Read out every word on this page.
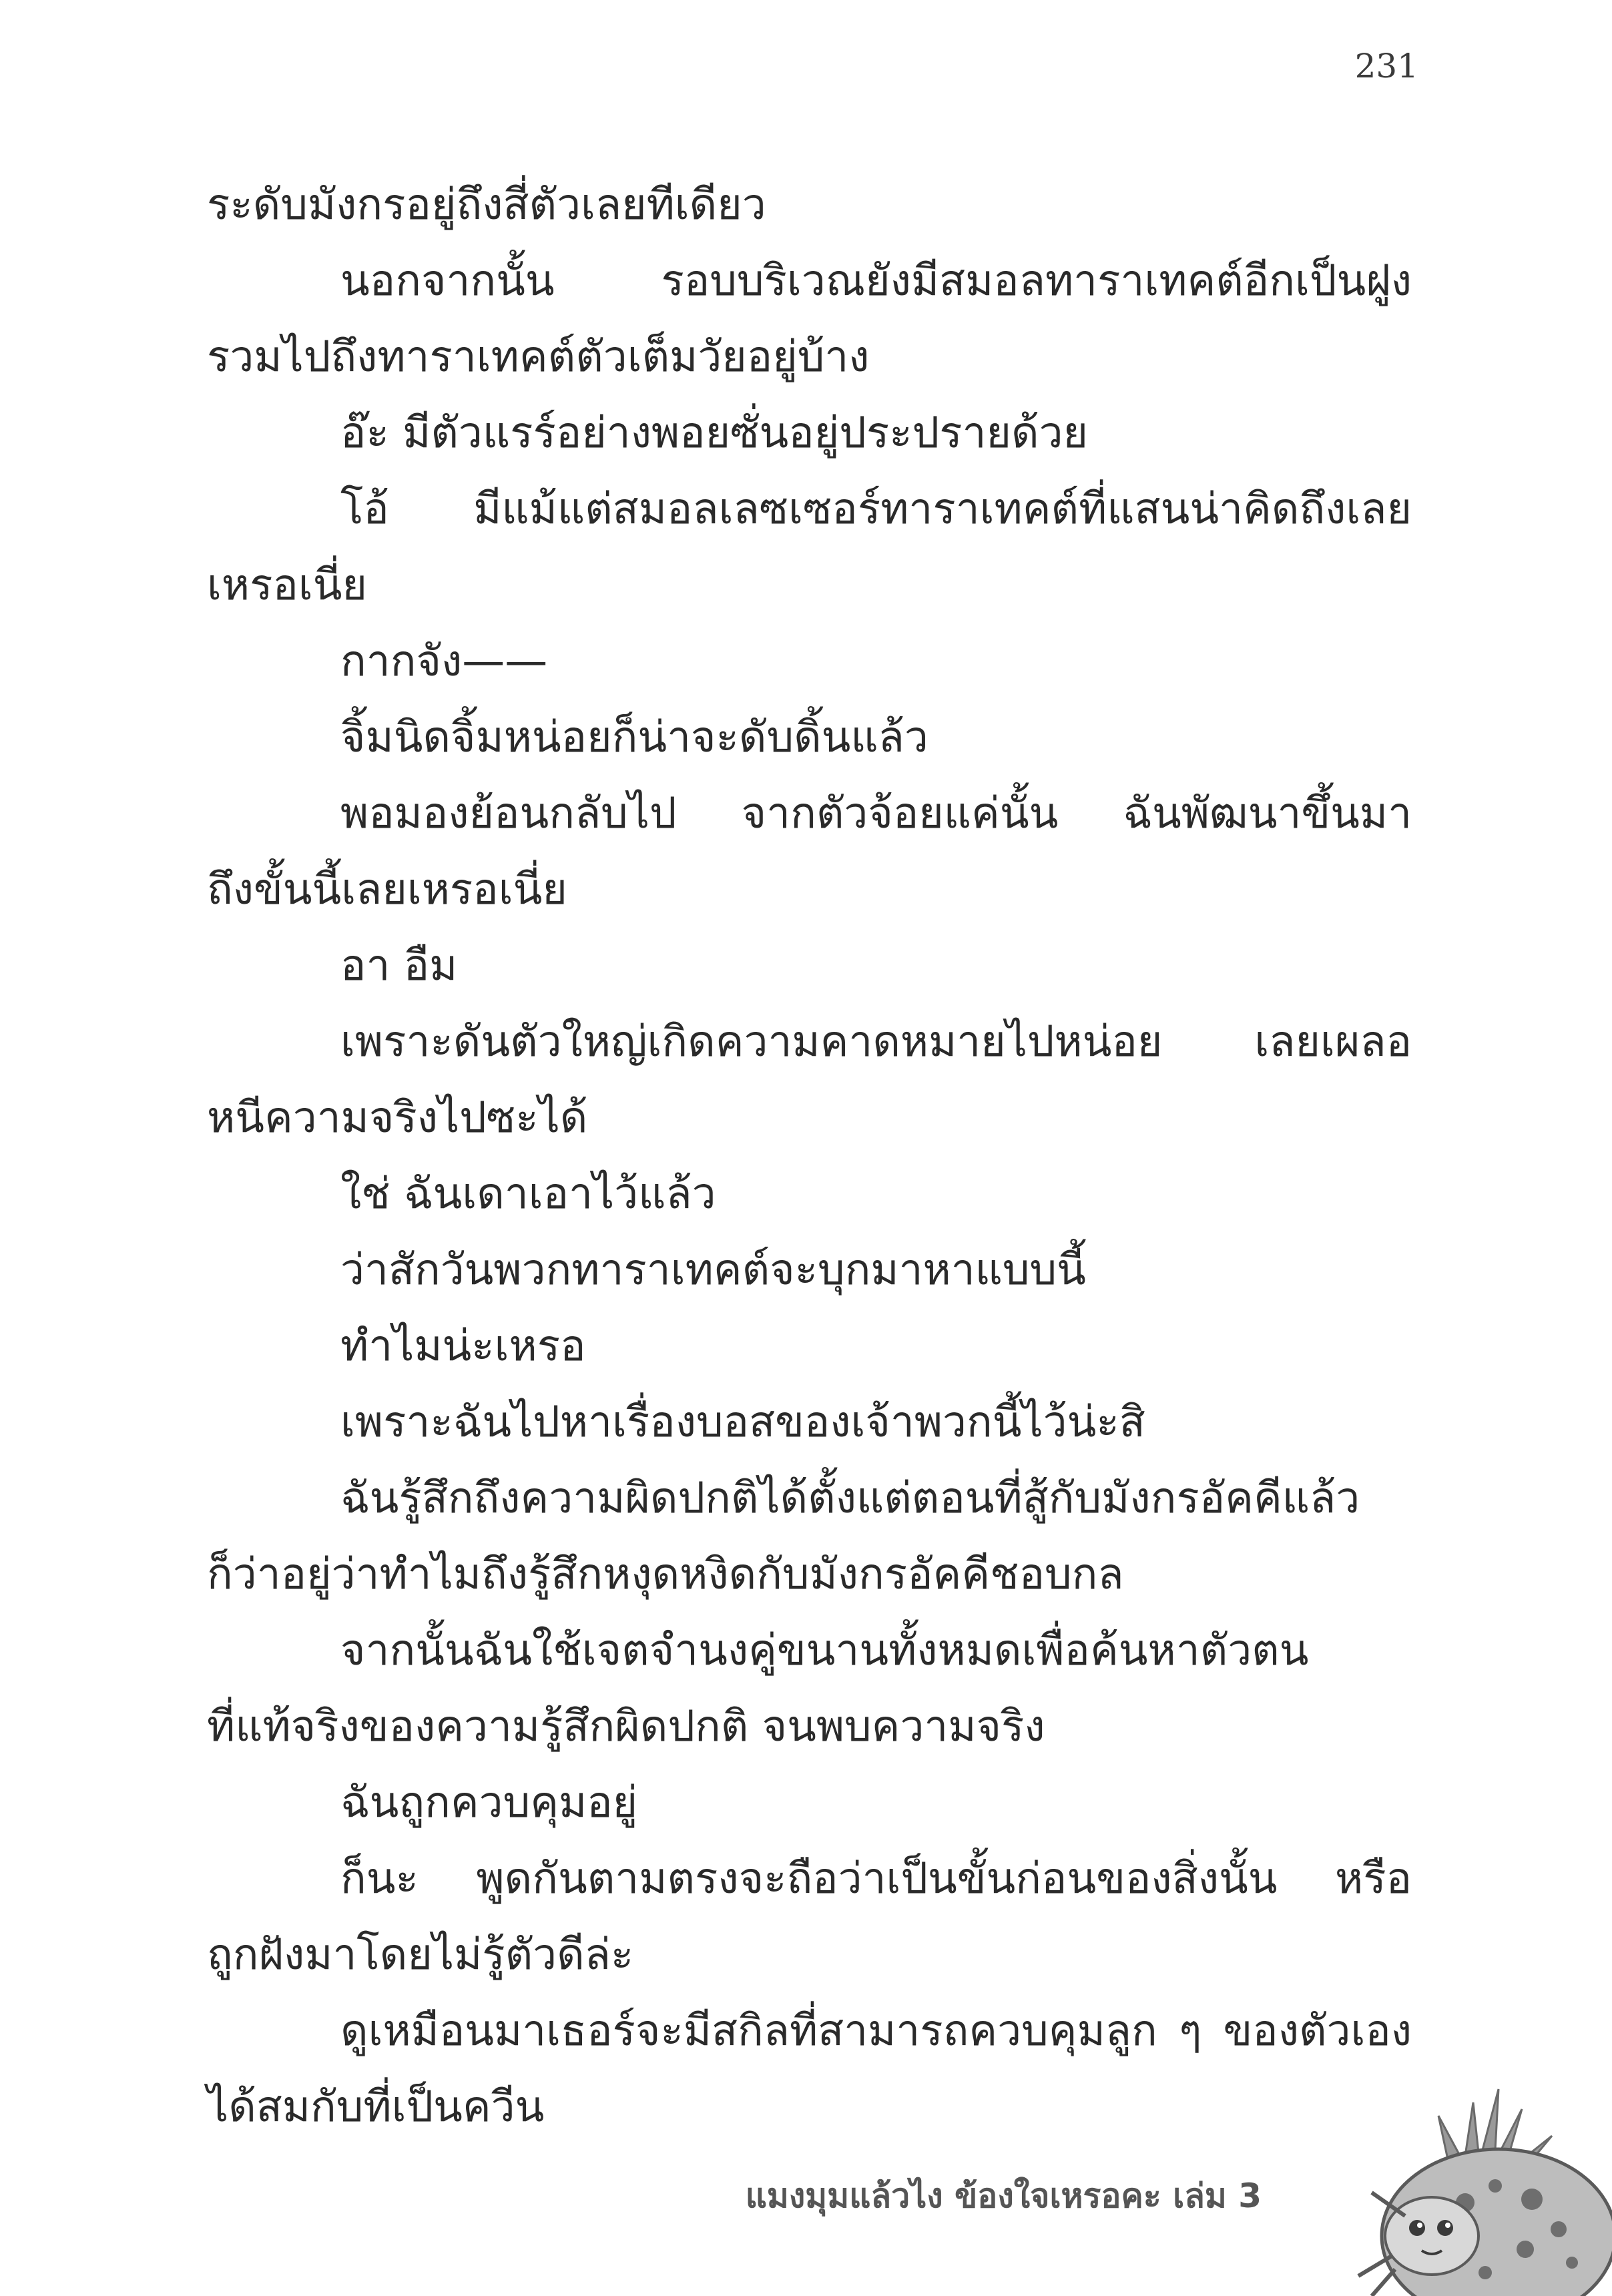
231
ระดับมังกรอยู่ถึงสี่ตัวเลยทีเดียว
นอกจากนั้น รอบบริเวณยังมีสมอลทาราเทคต์อีกเป็นฝูง
รวมไปถึงทาราเทคต์ตัวเต็มวัยอยู่บ้าง
อ๊ะ มีตัวแรร์อย่างพอยซั่นอยู่ประปรายด้วย
โอ้ มีแม้แต่สมอลเลซเซอร์ทาราเทคต์ที่แสนน่าคิดถึงเลย
เหรอเนี่ย
กากจัง——
จิ้มนิดจิ้มหน่อยก็น่าจะดับดิ้นแล้ว
พอมองย้อนกลับไป จากตัวจ้อยแค่นั้น ฉันพัฒนาขึ้นมา
ถึงขั้นนี้เลยเหรอเนี่ย
อา อืม
เพราะดันตัวใหญ่เกิดความคาดหมายไปหน่อย เลยเผลอ
หนีความจริงไปซะได้
ใช่ ฉันเดาเอาไว้แล้ว
ว่าสักวันพวกทาราเทคต์จะบุกมาหาแบบนี้
ทำไมน่ะเหรอ
เพราะฉันไปหาเรื่องบอสของเจ้าพวกนี้ไว้น่ะสิ
ฉันรู้สึกถึงความผิดปกติได้ตั้งแต่ตอนที่สู้กับมังกรอัคคีแล้ว
ก็ว่าอยู่ว่าทำไมถึงรู้สึกหงุดหงิดกับมังกรอัคคีชอบกล
จากนั้นฉันใช้เจตจำนงคู่ขนานทั้งหมดเพื่อค้นหาตัวตน
ที่แท้จริงของความรู้สึกผิดปกติ จนพบความจริง
ฉันถูกควบคุมอยู่
ก็นะ พูดกันตามตรงจะถือว่าเป็นขั้นก่อนของสิ่งนั้น หรือ
ถูกฝังมาโดยไม่รู้ตัวดีล่ะ
ดูเหมือนมาเธอร์จะมีสกิลที่สามารถควบคุมลูก ๆ ของตัวเอง
ได้สมกับที่เป็นควีน
แมงมุมแล้วไง ข้องใจเหรอคะ เล่ม 3
